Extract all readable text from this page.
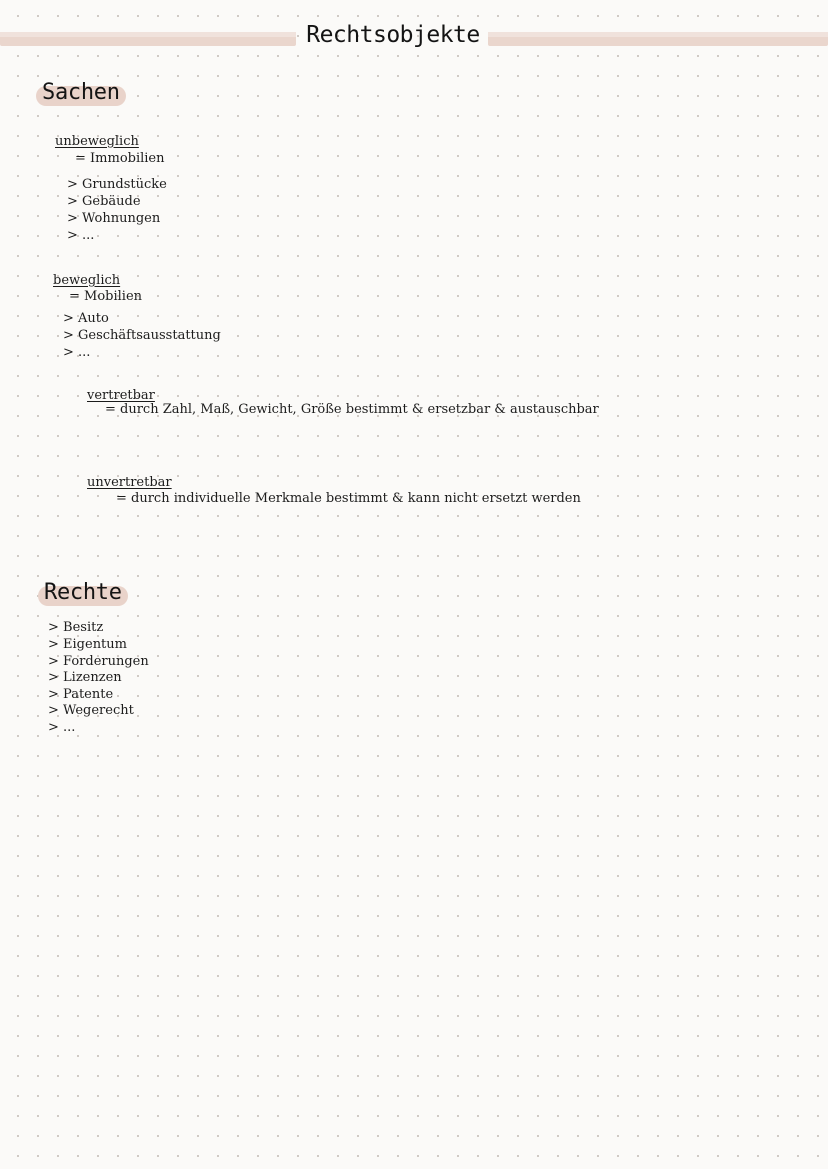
Rechtsobjekte
Sachen
unbeweglich
= Immobilien
> Grundstücke
> Gebäude
> Wohnungen
> ...
beweglich
= Mobilien
> Auto
> Geschäftsausstattung
> ...
vertretbar
= durch Zahl, Maß, Gewicht, Größe bestimmt & ersetzbar & austauschbar
unvertretbar
= durch individuelle Merkmale bestimmt & kann nicht ersetzt werden
Rechte
> Besitz
> Eigentum
> Forderungen
> Lizenzen
> Patente
> Wegerecht
> ...
